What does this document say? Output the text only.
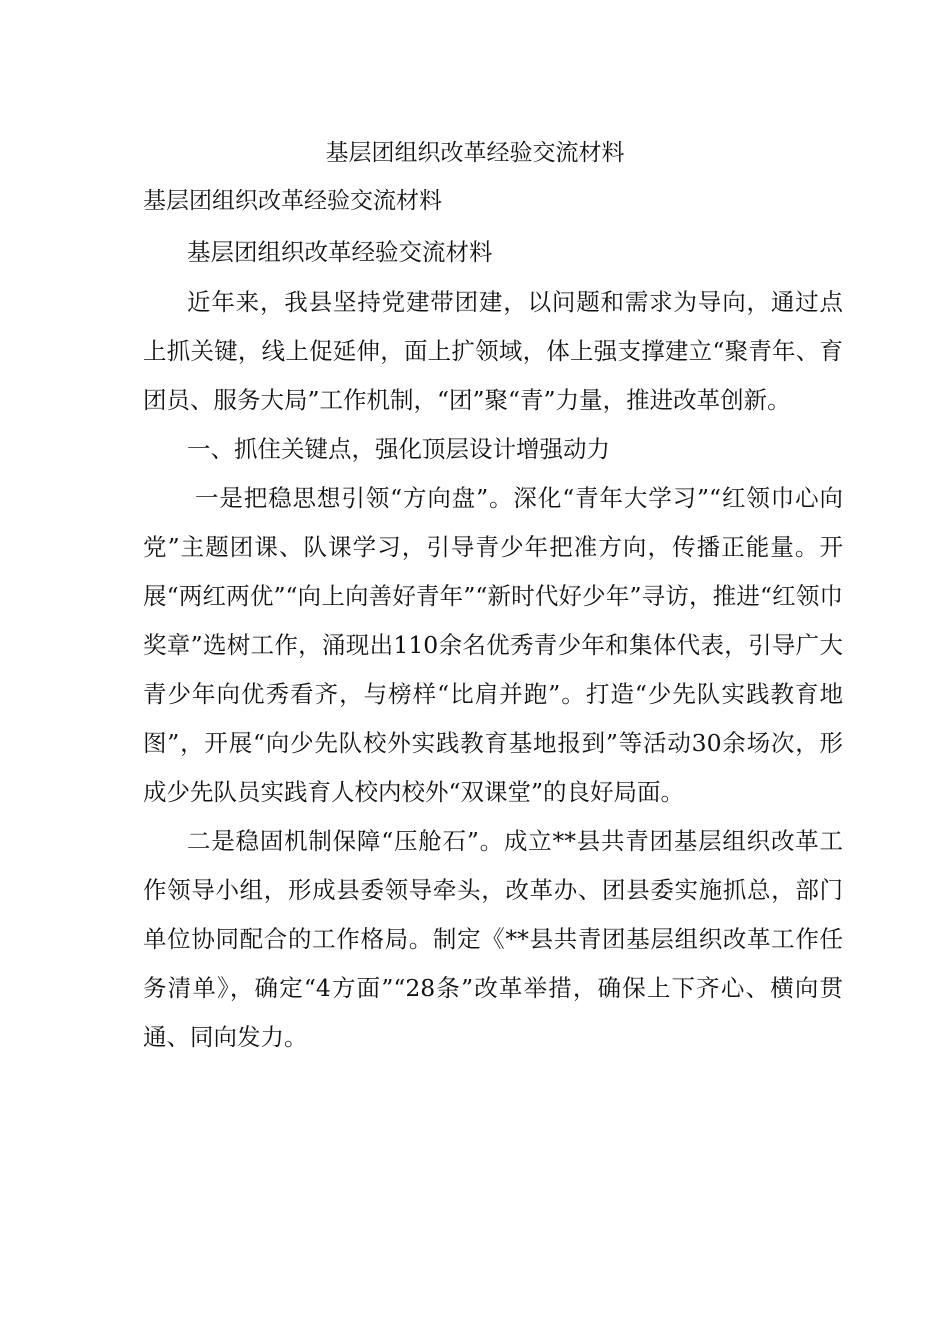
基层团组织改革经验交流材料

基层团组织改革经验交流材料

基层团组织改革经验交流材料

近年来，我县坚持党建带团建，以问题和需求为导向，通过点上抓关键，线上促延伸，面上扩领域，体上强支撑建立“聚青年、育团员、服务大局”工作机制，“团”聚“青”力量，推进改革创新。

一、抓住关键点，强化顶层设计增强动力

一是把稳思想引领“方向盘”。深化“青年大学习”“红领巾心向党”主题团课、队课学习，引导青少年把准方向，传播正能量。开展“两红两优”“向上向善好青年”“新时代好少年”寻访，推进“红领巾奖章”选树工作，涌现出110余名优秀青少年和集体代表，引导广大青少年向优秀看齐，与榜样“比肩并跑”。打造“少先队实践教育地图”，开展“向少先队校外实践教育基地报到”等活动30余场次，形成少先队员实践育人校内校外“双课堂”的良好局面。

二是稳固机制保障“压舱石”。成立**县共青团基层组织改革工作领导小组，形成县委领导牵头，改革办、团县委实施抓总，部门单位协同配合的工作格局。制定《**县共青团基层组织改革工作任务清单》，确定“4方面”“28条”改革举措，确保上下齐心、横向贯通、同向发力。
